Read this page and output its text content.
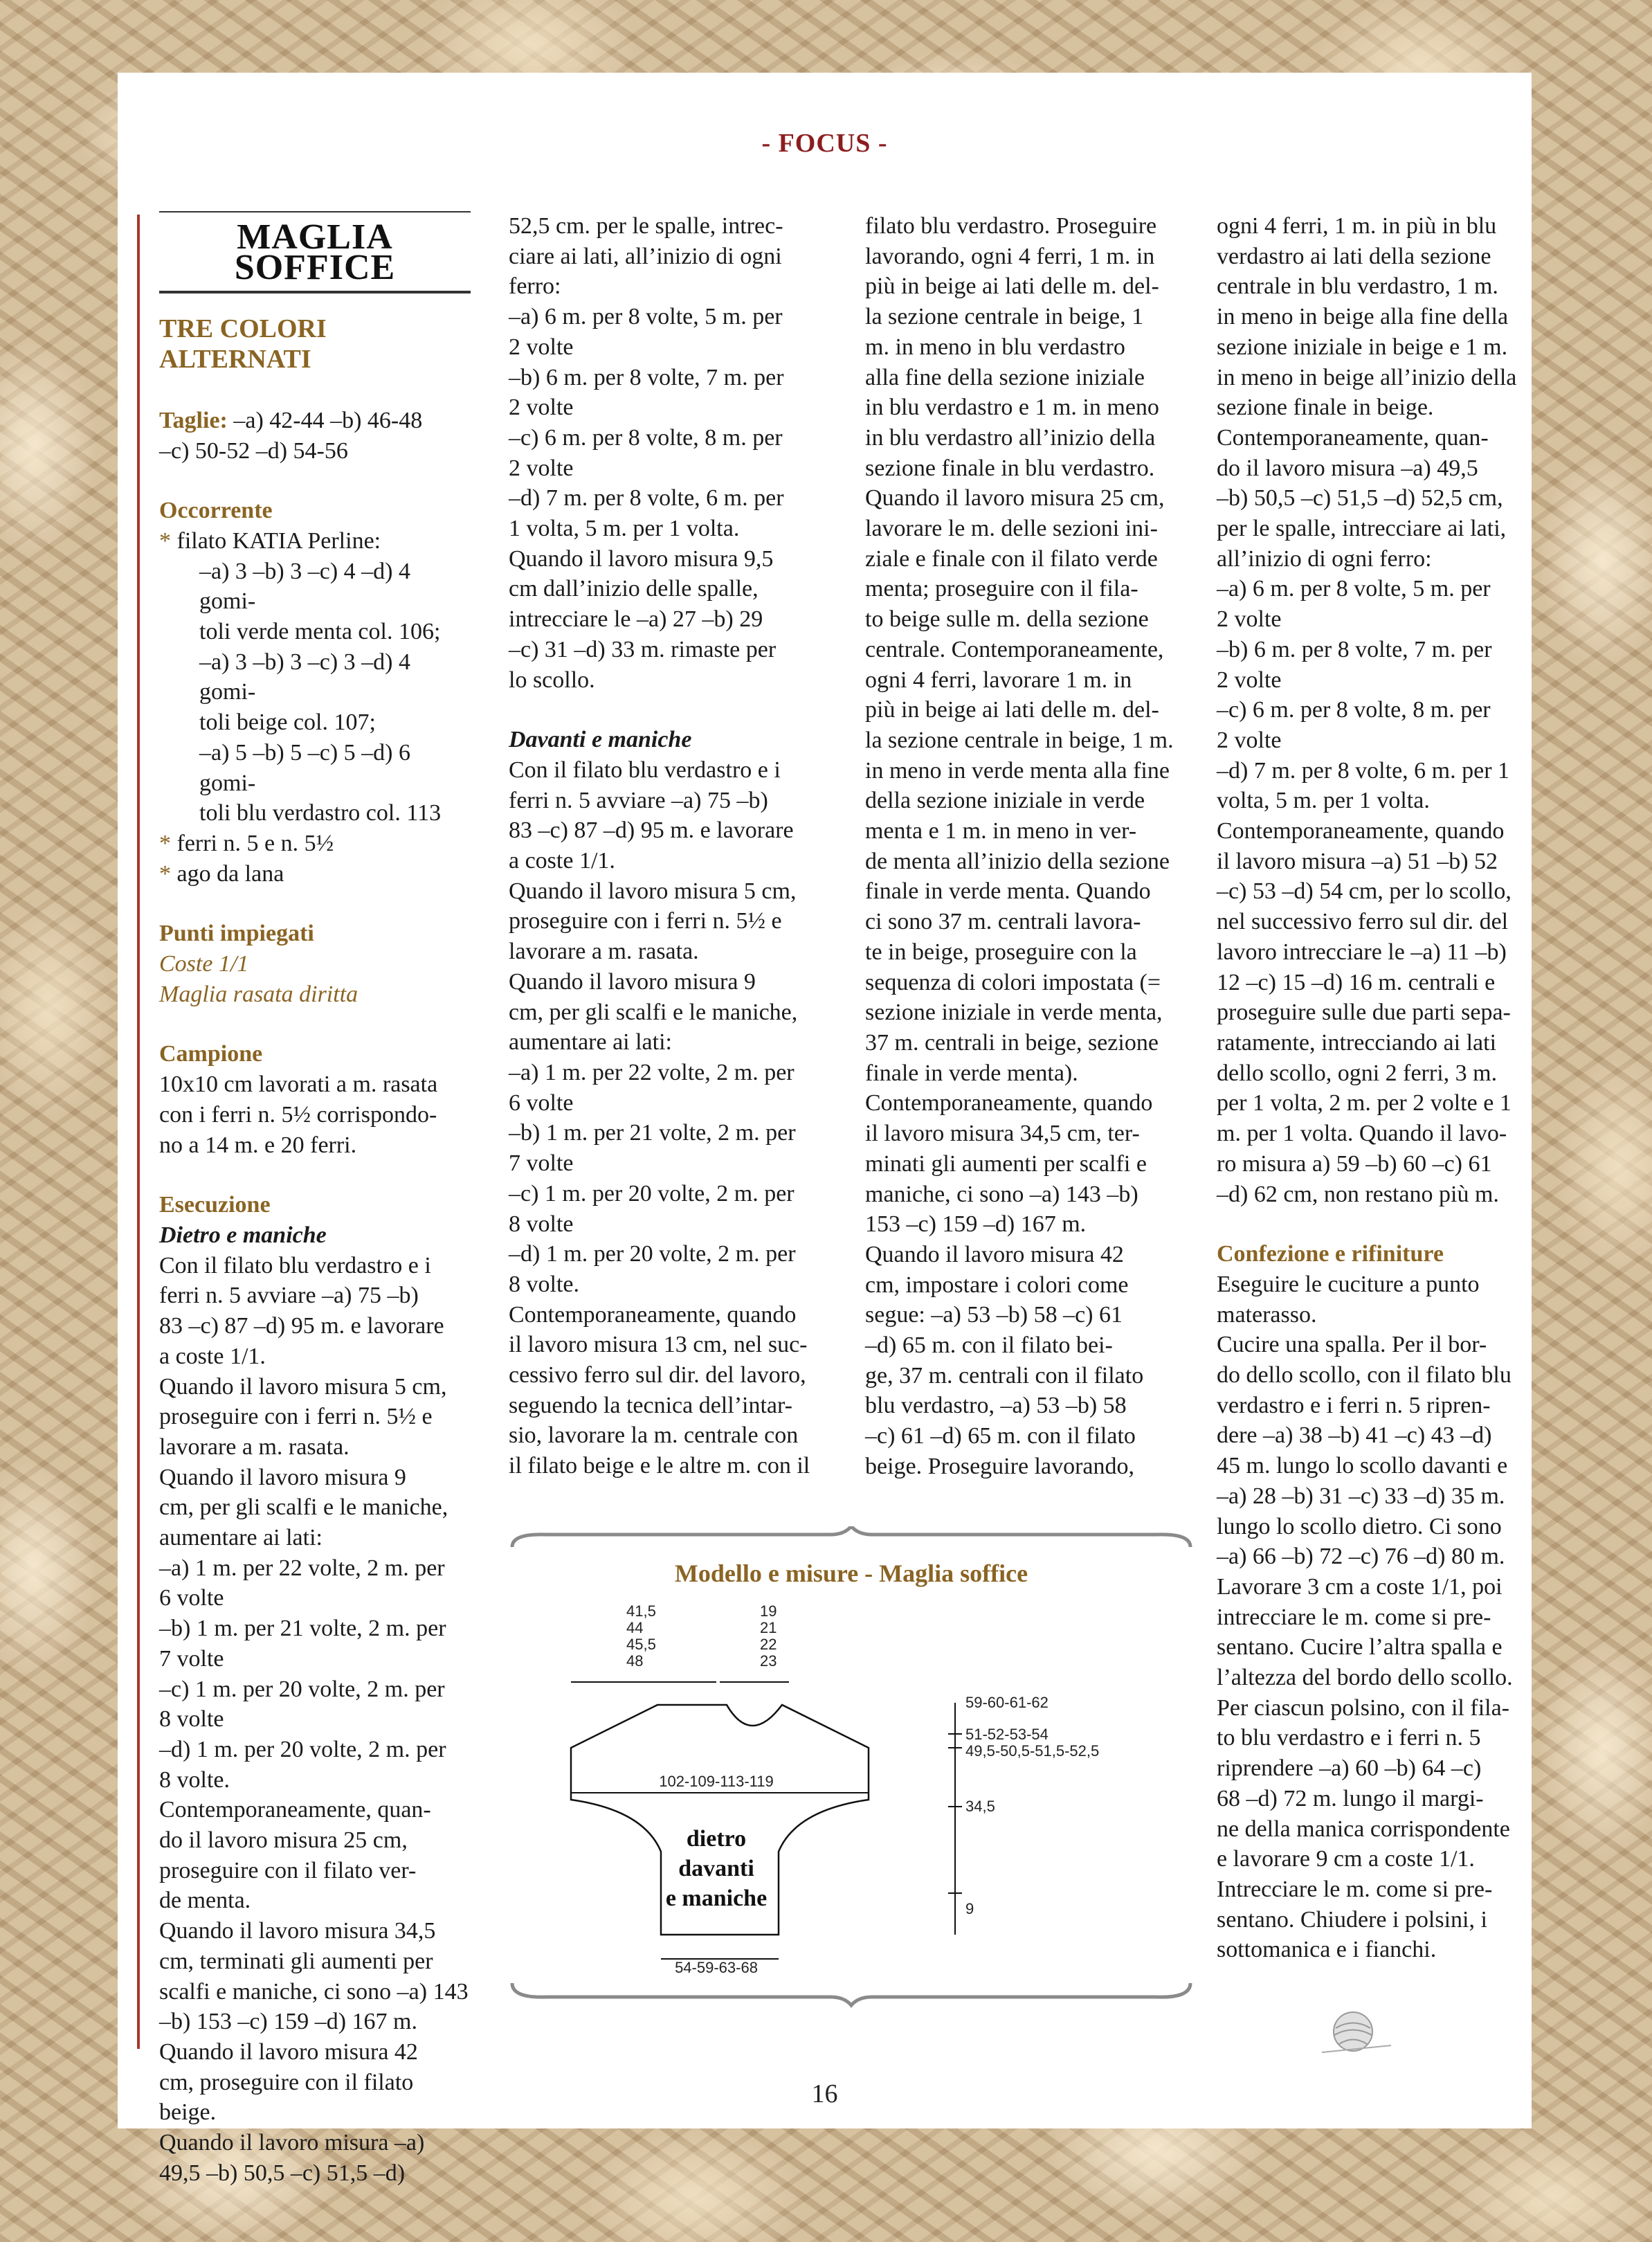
- FOCUS -
MAGLIA SOFFICE
TRE COLORI ALTERNATI

Taglie: –a) 42-44 –b) 46-48

–c) 50-52 –d) 54-56

Occorrente

* filato KATIA Perline:

–a) 3 –b) 3 –c) 4 –d) 4 gomi-

toli verde menta col. 106;

–a) 3 –b) 3 –c) 3 –d) 4 gomi-

toli beige col. 107;

–a) 5 –b) 5 –c) 5 –d) 6 gomi-

toli blu verdastro col. 113

* ferri n. 5 e n. 5½

* ago da lana

Punti impiegati

Coste 1/1

Maglia rasata diritta

Campione

10x10 cm lavorati a m. rasata

con i ferri n. 5½ corrispondo-

no a 14 m. e 20 ferri.

Esecuzione

Dietro e maniche

Con il filato blu verdastro e i

ferri n. 5 avviare –a) 75 –b)

83 –c) 87 –d) 95 m. e lavorare

a coste 1/1.

Quando il lavoro misura 5 cm,

proseguire con i ferri n. 5½ e

lavorare a m. rasata.

Quando il lavoro misura 9

cm, per gli scalfi e le maniche,

aumentare ai lati:

–a) 1 m. per 22 volte, 2 m. per

6 volte

–b) 1 m. per 21 volte, 2 m. per

7 volte

–c) 1 m. per 20 volte, 2 m. per

8 volte

–d) 1 m. per 20 volte, 2 m. per

8 volte.

Contemporaneamente, quan-

do il lavoro misura 25 cm,

proseguire con il filato ver-

de menta.

Quando il lavoro misura 34,5

cm, terminati gli aumenti per

scalfi e maniche, ci sono –a) 143

–b) 153 –c) 159 –d) 167 m.

Quando il lavoro misura 42

cm, proseguire con il filato

beige.

Quando il lavoro misura –a)

49,5 –b) 50,5 –c) 51,5 –d)

52,5 cm. per le spalle, intrec-

ciare ai lati, all’inizio di ogni

ferro:

–a) 6 m. per 8 volte, 5 m. per

2 volte

–b) 6 m. per 8 volte, 7 m. per

2 volte

–c) 6 m. per 8 volte, 8 m. per

2 volte

–d) 7 m. per 8 volte, 6 m. per

1 volta, 5 m. per 1 volta.

Quando il lavoro misura 9,5

cm dall’inizio delle spalle,

intrecciare le –a) 27 –b) 29

–c) 31 –d) 33 m. rimaste per

lo scollo.

Davanti e maniche

Con il filato blu verdastro e i

ferri n. 5 avviare –a) 75 –b)

83 –c) 87 –d) 95 m. e lavorare

a coste 1/1.

Quando il lavoro misura 5 cm,

proseguire con i ferri n. 5½ e

lavorare a m. rasata.

Quando il lavoro misura 9

cm, per gli scalfi e le maniche,

aumentare ai lati:

–a) 1 m. per 22 volte, 2 m. per

6 volte

–b) 1 m. per 21 volte, 2 m. per

7 volte

–c) 1 m. per 20 volte, 2 m. per

8 volte

–d) 1 m. per 20 volte, 2 m. per

8 volte.

Contemporaneamente, quando

il lavoro misura 13 cm, nel suc-

cessivo ferro sul dir. del lavoro,

seguendo la tecnica dell’intar-

sio, lavorare la m. centrale con

il filato beige e le altre m. con il

filato blu verdastro. Proseguire

lavorando, ogni 4 ferri, 1 m. in

più in beige ai lati delle m. del-

la sezione centrale in beige, 1

m. in meno in blu verdastro

alla fine della sezione iniziale

in blu verdastro e 1 m. in meno

in blu verdastro all’inizio della

sezione finale in blu verdastro.

Quando il lavoro misura 25 cm,

lavorare le m. delle sezioni ini-

ziale e finale con il filato verde

menta; proseguire con il fila-

to beige sulle m. della sezione

centrale. Contemporaneamente,

ogni 4 ferri, lavorare 1 m. in

più in beige ai lati delle m. del-

la sezione centrale in beige, 1 m.

in meno in verde menta alla fine

della sezione iniziale in verde

menta e 1 m. in meno in ver-

de menta all’inizio della sezione

finale in verde menta. Quando

ci sono 37 m. centrali lavora-

te in beige, proseguire con la

sequenza di colori impostata (=

sezione iniziale in verde menta,

37 m. centrali in beige, sezione

finale in verde menta).

Contemporaneamente, quando

il lavoro misura 34,5 cm, ter-

minati gli aumenti per scalfi e

maniche, ci sono –a) 143 –b)

153 –c) 159 –d) 167 m.

Quando il lavoro misura 42

cm, impostare i colori come

segue: –a) 53 –b) 58 –c) 61

–d) 65 m. con il filato bei-

ge, 37 m. centrali con il filato

blu verdastro, –a) 53 –b) 58

–c) 61 –d) 65 m. con il filato

beige. Proseguire lavorando,

ogni 4 ferri, 1 m. in più in blu

verdastro ai lati della sezione

centrale in blu verdastro, 1 m.

in meno in beige alla fine della

sezione iniziale in beige e 1 m.

in meno in beige all’inizio della

sezione finale in beige.

Contemporaneamente, quan-

do il lavoro misura –a) 49,5

–b) 50,5 –c) 51,5 –d) 52,5 cm,

per le spalle, intrecciare ai lati,

all’inizio di ogni ferro:

–a) 6 m. per 8 volte, 5 m. per

2 volte

–b) 6 m. per 8 volte, 7 m. per

2 volte

–c) 6 m. per 8 volte, 8 m. per

2 volte

–d) 7 m. per 8 volte, 6 m. per 1

volta, 5 m. per 1 volta.

Contemporaneamente, quando

il lavoro misura –a) 51 –b) 52

–c) 53 –d) 54 cm, per lo scollo,

nel successivo ferro sul dir. del

lavoro intrecciare le –a) 11 –b)

12 –c) 15 –d) 16 m. centrali e

proseguire sulle due parti sepa-

ratamente, intrecciando ai lati

dello scollo, ogni 2 ferri, 3 m.

per 1 volta, 2 m. per 2 volte e 1

m. per 1 volta. Quando il lavo-

ro misura a) 59 –b) 60 –c) 61

–d) 62 cm, non restano più m.

Confezione e rifiniture

Eseguire le cuciture a punto

materasso.

Cucire una spalla. Per il bor-

do dello scollo, con il filato blu

verdastro e i ferri n. 5 ripren-

dere –a) 38 –b) 41 –c) 43 –d)

45 m. lungo lo scollo davanti e

–a) 28 –b) 31 –c) 33 –d) 35 m.

lungo lo scollo dietro. Ci sono

–a) 66 –b) 72 –c) 76 –d) 80 m.

Lavorare 3 cm a coste 1/1, poi

intrecciare le m. come si pre-

sentano. Cucire l’altra spalla e

l’altezza del bordo dello scollo.

Per ciascun polsino, con il fila-

to blu verdastro e i ferri n. 5

riprendere –a) 60 –b) 64 –c)

68 –d) 72 m. lungo il margi-

ne della manica corrispondente

e lavorare 9 cm a coste 1/1.

Intrecciare le m. come si pre-

sentano. Chiudere i polsini, i

sottomanica e i fianchi.

Modello e misure - Maglia soffice
41,5
44
45,5
48
19
21
22
23
59-60-61-62
51-52-53-54
49,5-50,5-51,5-52,5
34,5
9
102-109-113-119
54-59-63-68
dietro
davanti
e maniche
16
